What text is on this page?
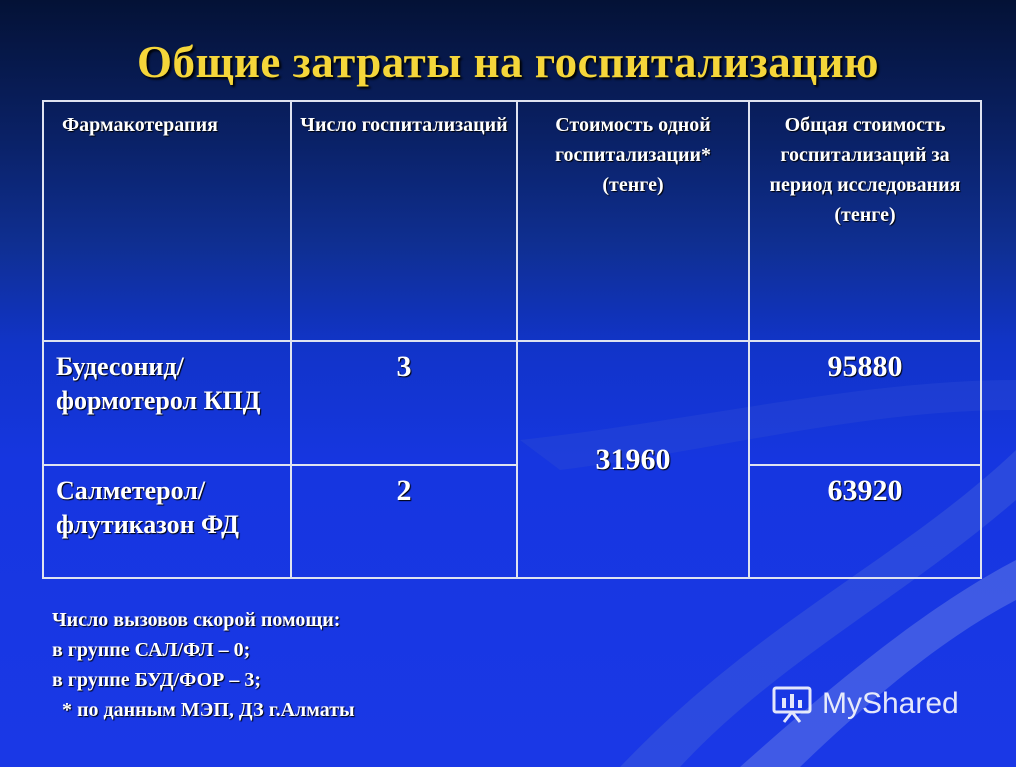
Общие затраты на госпитализацию
Фармакотерапия	Число госпитализаций	Стоимость одной госпитализации* (тенге)	Общая стоимость госпитализаций за период исследования (тенге)
Будесонид/ формотерол КПД	3	31960	95880
Салметерол/ флутиказон ФД	2		63920
Число вызовов скорой помощи:
в группе САЛ/ФЛ – 0;
в группе БУД/ФОР – 3;
* по данным МЭП, ДЗ г.Алматы	MyShared
